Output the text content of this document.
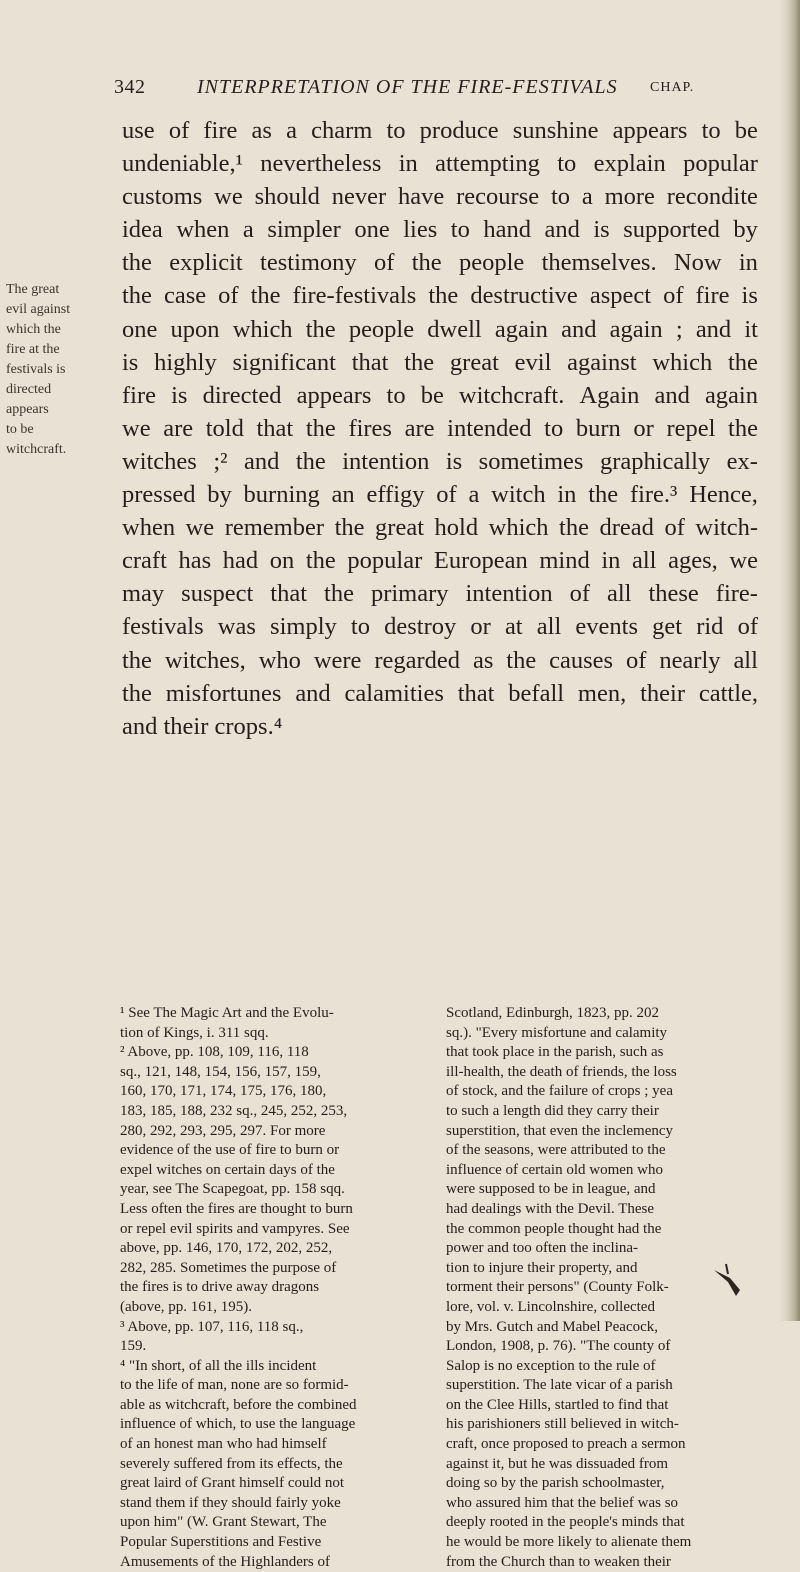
342	INTERPRETATION OF THE FIRE-FESTIVALS CHAP.
The great
evil against
which the
fire at the
festivals is
directed
appears
to be
witchcraft.
use of fire as a charm to produce sunshine appears to be
undeniable,¹ nevertheless in attempting to explain popular
customs we should never have recourse to a more recondite
idea when a simpler one lies to hand and is supported by
the explicit testimony of the people themselves. Now in
the case of the fire-festivals the destructive aspect of fire is
one upon which the people dwell again and again ; and it
is highly significant that the great evil against which the
fire is directed appears to be witchcraft. Again and again
we are told that the fires are intended to burn or repel the
witches ;² and the intention is sometimes graphically ex-
pressed by burning an effigy of a witch in the fire.³ Hence,
when we remember the great hold which the dread of witch-
craft has had on the popular European mind in all ages, we
may suspect that the primary intention of all these fire-
festivals was simply to destroy or at all events get rid of
the witches, who were regarded as the causes of nearly all
the misfortunes and calamities that befall men, their cattle,
and their crops.⁴
¹ See The Magic Art and the Evolu-
tion of Kings, i. 311 sqq.
² Above, pp. 108, 109, 116, 118
sq., 121, 148, 154, 156, 157, 159,
160, 170, 171, 174, 175, 176, 180,
183, 185, 188, 232 sq., 245, 252, 253,
280, 292, 293, 295, 297. For more
evidence of the use of fire to burn or
expel witches on certain days of the
year, see The Scapegoat, pp. 158 sqq.
Less often the fires are thought to burn
or repel evil spirits and vampyres. See
above, pp. 146, 170, 172, 202, 252,
282, 285. Sometimes the purpose of
the fires is to drive away dragons
(above, pp. 161, 195).
³ Above, pp. 107, 116, 118 sq.,
159.
⁴ "In short, of all the ills incident
to the life of man, none are so formid-
able as witchcraft, before the combined
influence of which, to use the language
of an honest man who had himself
severely suffered from its effects, the
great laird of Grant himself could not
stand them if they should fairly yoke
upon him" (W. Grant Stewart, The
Popular Superstitions and Festive
Amusements of the Highlanders of
Scotland, Edinburgh, 1823, pp. 202
sq.). "Every misfortune and calamity
that took place in the parish, such as
ill-health, the death of friends, the loss
of stock, and the failure of crops ; yea
to such a length did they carry their
superstition, that even the inclemency
of the seasons, were attributed to the
influence of certain old women who
were supposed to be in league, and
had dealings with the Devil. These
the common people thought had the
power and too often the inclina-
tion to injure their property, and
torment their persons" (County Folk-
lore, vol. v. Lincolnshire, collected
by Mrs. Gutch and Mabel Peacock,
London, 1908, p. 76). "The county of
Salop is no exception to the rule of
superstition. The late vicar of a parish
on the Clee Hills, startled to find that
his parishioners still believed in witch-
craft, once proposed to preach a sermon
against it, but he was dissuaded from
doing so by the parish schoolmaster,
who assured him that the belief was so
deeply rooted in the people's minds that
he would be more likely to alienate them
from the Church than to weaken their
